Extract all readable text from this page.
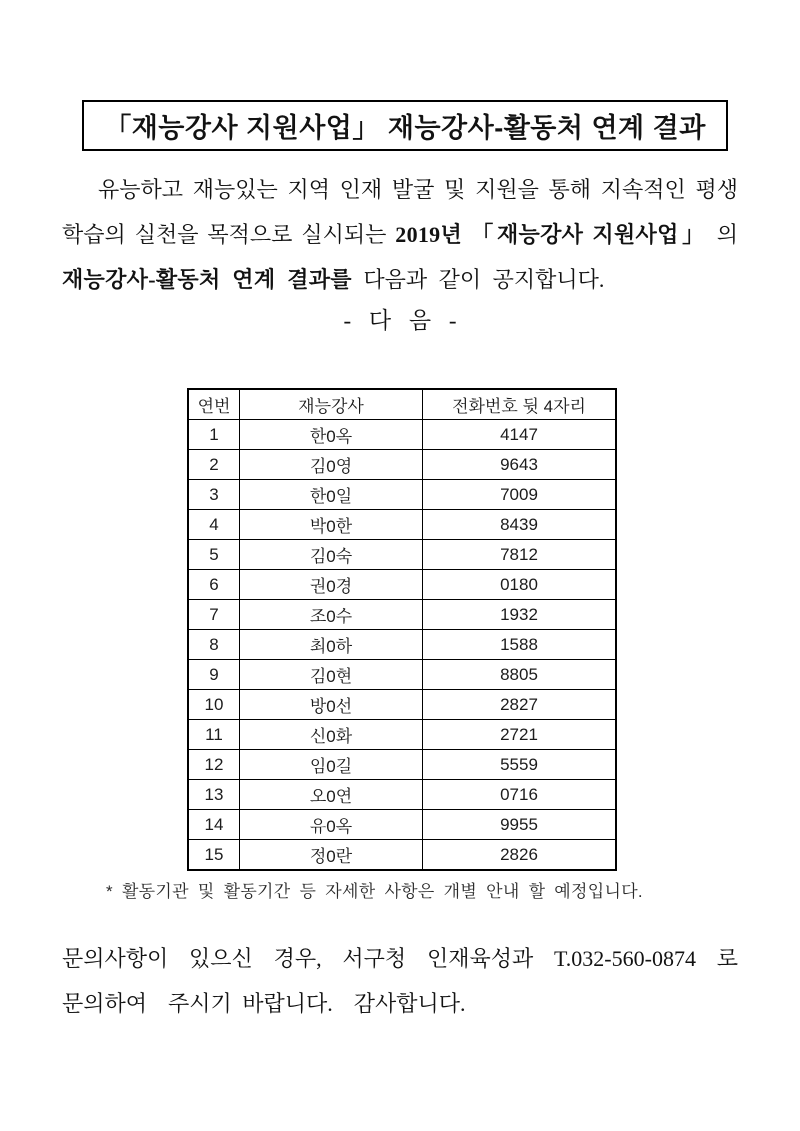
「재능강사 지원사업」 재능강사-활동처 연계 결과
유능하고 재능있는 지역 인재 발굴 및 지원을 통해 지속적인 평생
학습의 실천을 목적으로 실시되는 2019년 「재능강사 지원사업」 의
재능강사-활동처 연계 결과를 다음과 같이 공지합니다.
- 다 음 -
연번	재능강사	전화번호 뒷 4자리
1	한0옥	4147
2	김0영	9643
3	한0일	7009
4	박0한	8439
5	김0숙	7812
6	권0경	0180
7	조0수	1932
8	최0하	1588
9	김0현	8805
10	방0선	2827
11	신0화	2721
12	임0길	5559
13	오0연	0716
14	유0옥	9955
15	정0란	2826
* 활동기관 및 활동기간 등 자세한 사항은 개별 안내 할 예정입니다.
문의사항이 있으신 경우, 서구청 인재육성과 T.032-560-0874 로
문의하여  주시기 바랍니다.  감사합니다.
